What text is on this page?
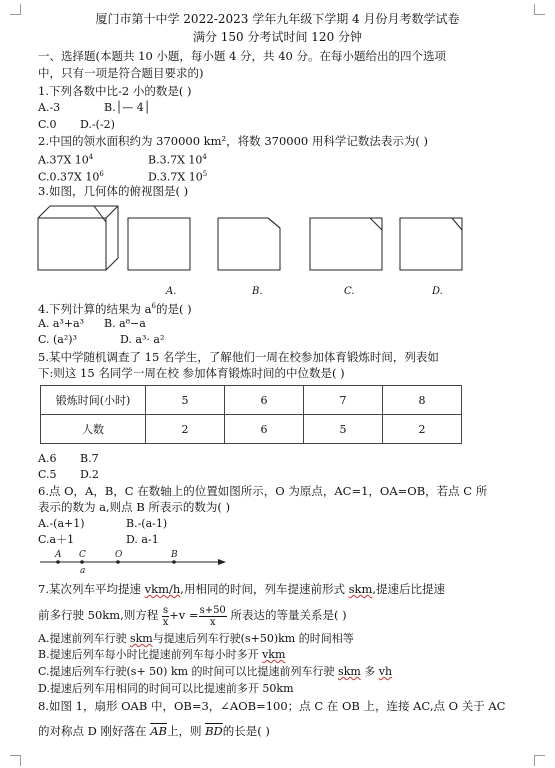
厦门市第十中学 2022-2023 学年九年级下学期 4 月份月考数学试卷
满分 150 分考试时间 120 分钟
一、选择题(本题共 10 小题，每小题 4 分，共 40 分。在每小题给出的四个选项
中，只有一项是符合题目要求的)
1.下列各数中比-2 小的数是( )
A.-3	B.│— 4│
C.0 D.-(-2)
2.中国的领水面积约为 370000 km²，将数 370000 用科学记数法表示为( )
A.37X $10^4$	B.3.7X $10^4$
C.0.37X $10^6$	D.3.7X $10^5$
3.如图，几何体的俯视图是( )
A.	B.	C.	D.
4.下列计算的结果为 $a^6$的是( )
A. a³+a³ B. a⁸−a
C. (a²)³	D. a³· a²
5.某中学随机调查了 15 名学生，了解他们一周在校参加体育锻炼时间，列表如
下:则这 15 名同学一周在校 参加体育锻炼时间的中位数是( )
锻炼时间(小时)	5	6	7	8
人数	2	6	5	2
A.6 B.7
C.5 D.2
6.点 O，A，B，C 在数轴上的位置如图所示，O 为原点，AC=1，OA=OB，若点 C 所
表示的数为 a,则点 B 所表示的数为( )
A.-(a+1)	B.-(a-1)
C.a＋1	D. a-1
A C	O	B
a
7.某次列车平均提速 vkm/h,用相同的时间，列车提速前形式 skm,提速后比提速
前多行驶 50km,则方程 $\frac{s}{x} +v = \frac{s+50}{x}$ 所表达的等量关系是( )
A.提速前列车行驶 skm与提速后列车行驶(s+50)km 的时间相等
B.提速后列车每小时比提速前列车每小时多开 vkm
C.提速后列车行驶(s+ 50) km 的时间可以比提速前列车行驶 skm 多 vh
D.提速后列车用相同的时间可以比提速前多开 50km
8.如图 1，扇形 OAB 中，OB=3，∠AOB=100；点 C 在 OB 上，连接 AC,点 O 关于 AC
的对称点 D 刚好落在 $\overline{AB}$上，则 $\overline{BD}$的长是( )
